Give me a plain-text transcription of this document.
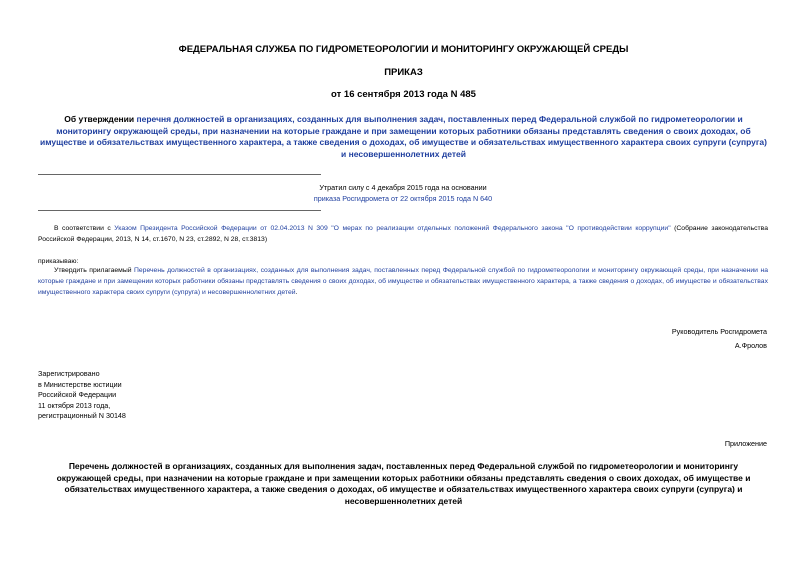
ФЕДЕРАЛЬНАЯ СЛУЖБА ПО ГИДРОМЕТЕОРОЛОГИИ И МОНИТОРИНГУ ОКРУЖАЮЩЕЙ СРЕДЫ
ПРИКАЗ
от 16 сентября 2013 года N 485
Об утверждении перечня должностей в организациях, созданных для выполнения задач, поставленных перед Федеральной службой по гидрометеорологии и мониторингу окружающей среды, при назначении на которые граждане и при замещении которых работники обязаны представлять сведения о своих доходах, об имуществе и обязательствах имущественного характера, а также сведения о доходах, об имуществе и обязательствах имущественного характера своих супруги (супруга) и несовершеннолетних детей
Утратил силу с 4 декабря 2015 года на основании
приказа Росгидромета от 22 октября 2015 года N 640
В соответствии с Указом Президента Российской Федерации от 02.04.2013 N 309 "О мерах по реализации отдельных положений Федерального закона "О противодействии коррупции" (Собрание законодательства Российской Федерации, 2013, N 14, ст.1670, N 23, ст.2892, N 28, ст.3813)
приказываю:
Утвердить прилагаемый Перечень должностей в организациях, созданных для выполнения задач, поставленных перед Федеральной службой по гидрометеорологии и мониторингу окружающей среды, при назначении на которые граждане и при замещении которых работники обязаны представлять сведения о своих доходах, об имуществе и обязательствах имущественного характера, а также сведения о доходах, об имуществе и обязательствах имущественного характера своих супруги (супруга) и несовершеннолетних детей.
Руководитель Росгидромета
А.Фролов
Зарегистрировано
в Министерстве юстиции
Российской Федерации
11 октября 2013 года,
регистрационный N 30148
Приложение
Перечень должностей в организациях, созданных для выполнения задач, поставленных перед Федеральной службой по гидрометеорологии и мониторингу окружающей среды, при назначении на которые граждане и при замещении которых работники обязаны представлять сведения о своих доходах, об имуществе и обязательствах имущественного характера, а также сведения о доходах, об имуществе и обязательствах имущественного характера своих супруги (супруга) и несовершеннолетних детей
